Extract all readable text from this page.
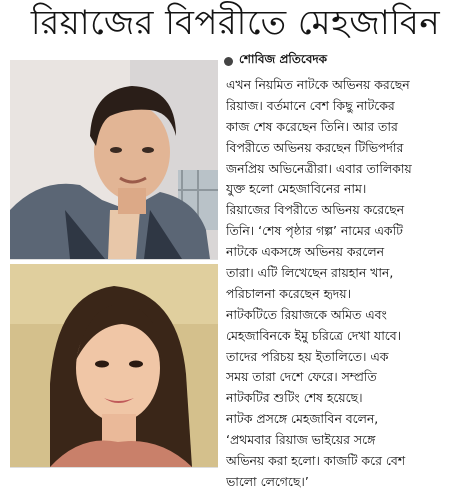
রিয়াজের বিপরীতে মেহজাবিন
শোবিজ প্রতিবেদক
এখন নিয়মিত নাটকে অভিনয় করছেন
রিয়াজ। বর্তমানে বেশ কিছু নাটকের
কাজ শেষ করেছেন তিনি। আর তার
বিপরীতে অভিনয় করছেন টিভিপর্দার
জনপ্রিয় অভিনেত্রীরা। এবার তালিকায়
যুক্ত হলো মেহজাবিনের নাম।
রিয়াজের বিপরীতে অভিনয় করেছেন
তিনি। ‘শেষ পৃষ্ঠার গল্প’ নামের একটি
নাটকে একসঙ্গে অভিনয় করলেন
তারা। এটি লিখেছেন রায়হান খান,
পরিচালনা করেছেন হৃদয়।
নাটকটিতে রিয়াজকে অমিত এবং
মেহজাবিনকে ইমু চরিত্রে দেখা যাবে।
তাদের পরিচয় হয় ইতালিতে। এক
সময় তারা দেশে ফেরে। সম্প্রতি
নাটকটির শুটিং শেষ হয়েছে।
নাটক প্রসঙ্গে মেহজাবিন বলেন,
‘প্রথমবার রিয়াজ ভাইয়ের সঙ্গে
অভিনয় করা হলো। কাজটি করে বেশ
ভালো লেগেছে।’
